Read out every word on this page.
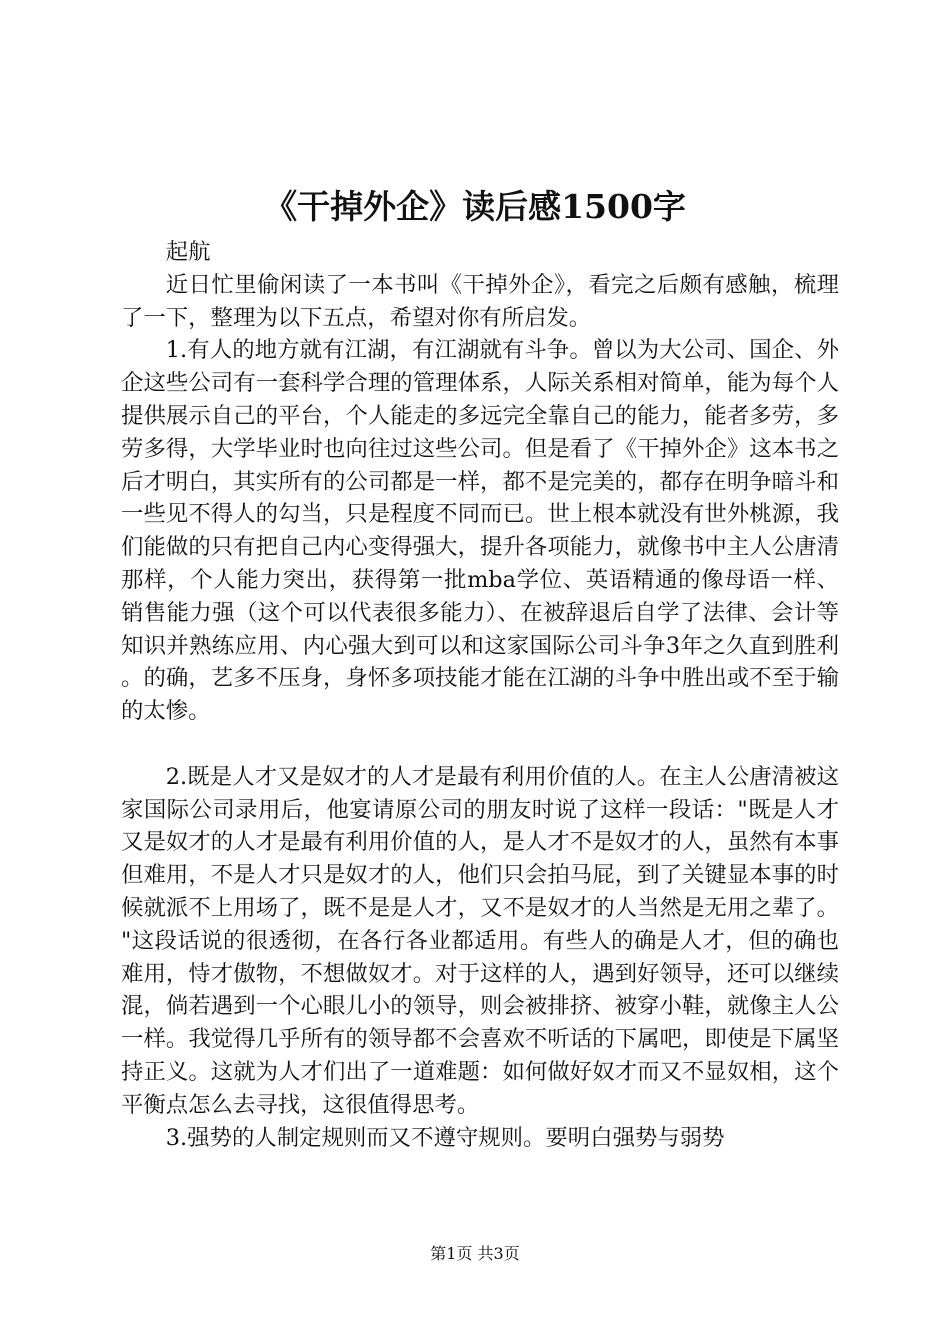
《干掉外企》读后感1500字

起航

近日忙里偷闲读了一本书叫《干掉外企》，看完之后颇有感触，梳理了一下，整理为以下五点，希望对你有所启发。

1.有人的地方就有江湖，有江湖就有斗争。曾以为大公司、国企、外企这些公司有一套科学合理的管理体系，人际关系相对简单，能为每个人提供展示自己的平台，个人能走的多远完全靠自己的能力，能者多劳，多劳多得，大学毕业时也向往过这些公司。但是看了《干掉外企》这本书之后才明白，其实所有的公司都是一样，都不是完美的，都存在明争暗斗和一些见不得人的勾当，只是程度不同而已。世上根本就没有世外桃源，我们能做的只有把自己内心变得强大，提升各项能力，就像书中主人公唐清那样，个人能力突出，获得第一批mba学位、英语精通的像母语一样、销售能力强（这个可以代表很多能力）、在被辞退后自学了法律、会计等知识并熟练应用、内心强大到可以和这家国际公司斗争3年之久直到胜利。的确，艺多不压身，身怀多项技能才能在江湖的斗争中胜出或不至于输的太惨。

2.既是人才又是奴才的人才是最有利用价值的人。在主人公唐清被这家国际公司录用后，他宴请原公司的朋友时说了这样一段话："既是人才又是奴才的人才是最有利用价值的人，是人才不是奴才的人，虽然有本事但难用，不是人才只是奴才的人，他们只会拍马屁，到了关键显本事的时候就派不上用场了，既不是是人才，又不是奴才的人当然是无用之辈了。"这段话说的很透彻，在各行各业都适用。有些人的确是人才，但的确也难用，恃才傲物，不想做奴才。对于这样的人，遇到好领导，还可以继续混，倘若遇到一个心眼儿小的领导，则会被排挤、被穿小鞋，就像主人公一样。我觉得几乎所有的领导都不会喜欢不听话的下属吧，即使是下属坚持正义。这就为人才们出了一道难题：如何做好奴才而又不显奴相，这个平衡点怎么去寻找，这很值得思考。

3.强势的人制定规则而又不遵守规则。要明白强势与弱势

第1页 共3页
